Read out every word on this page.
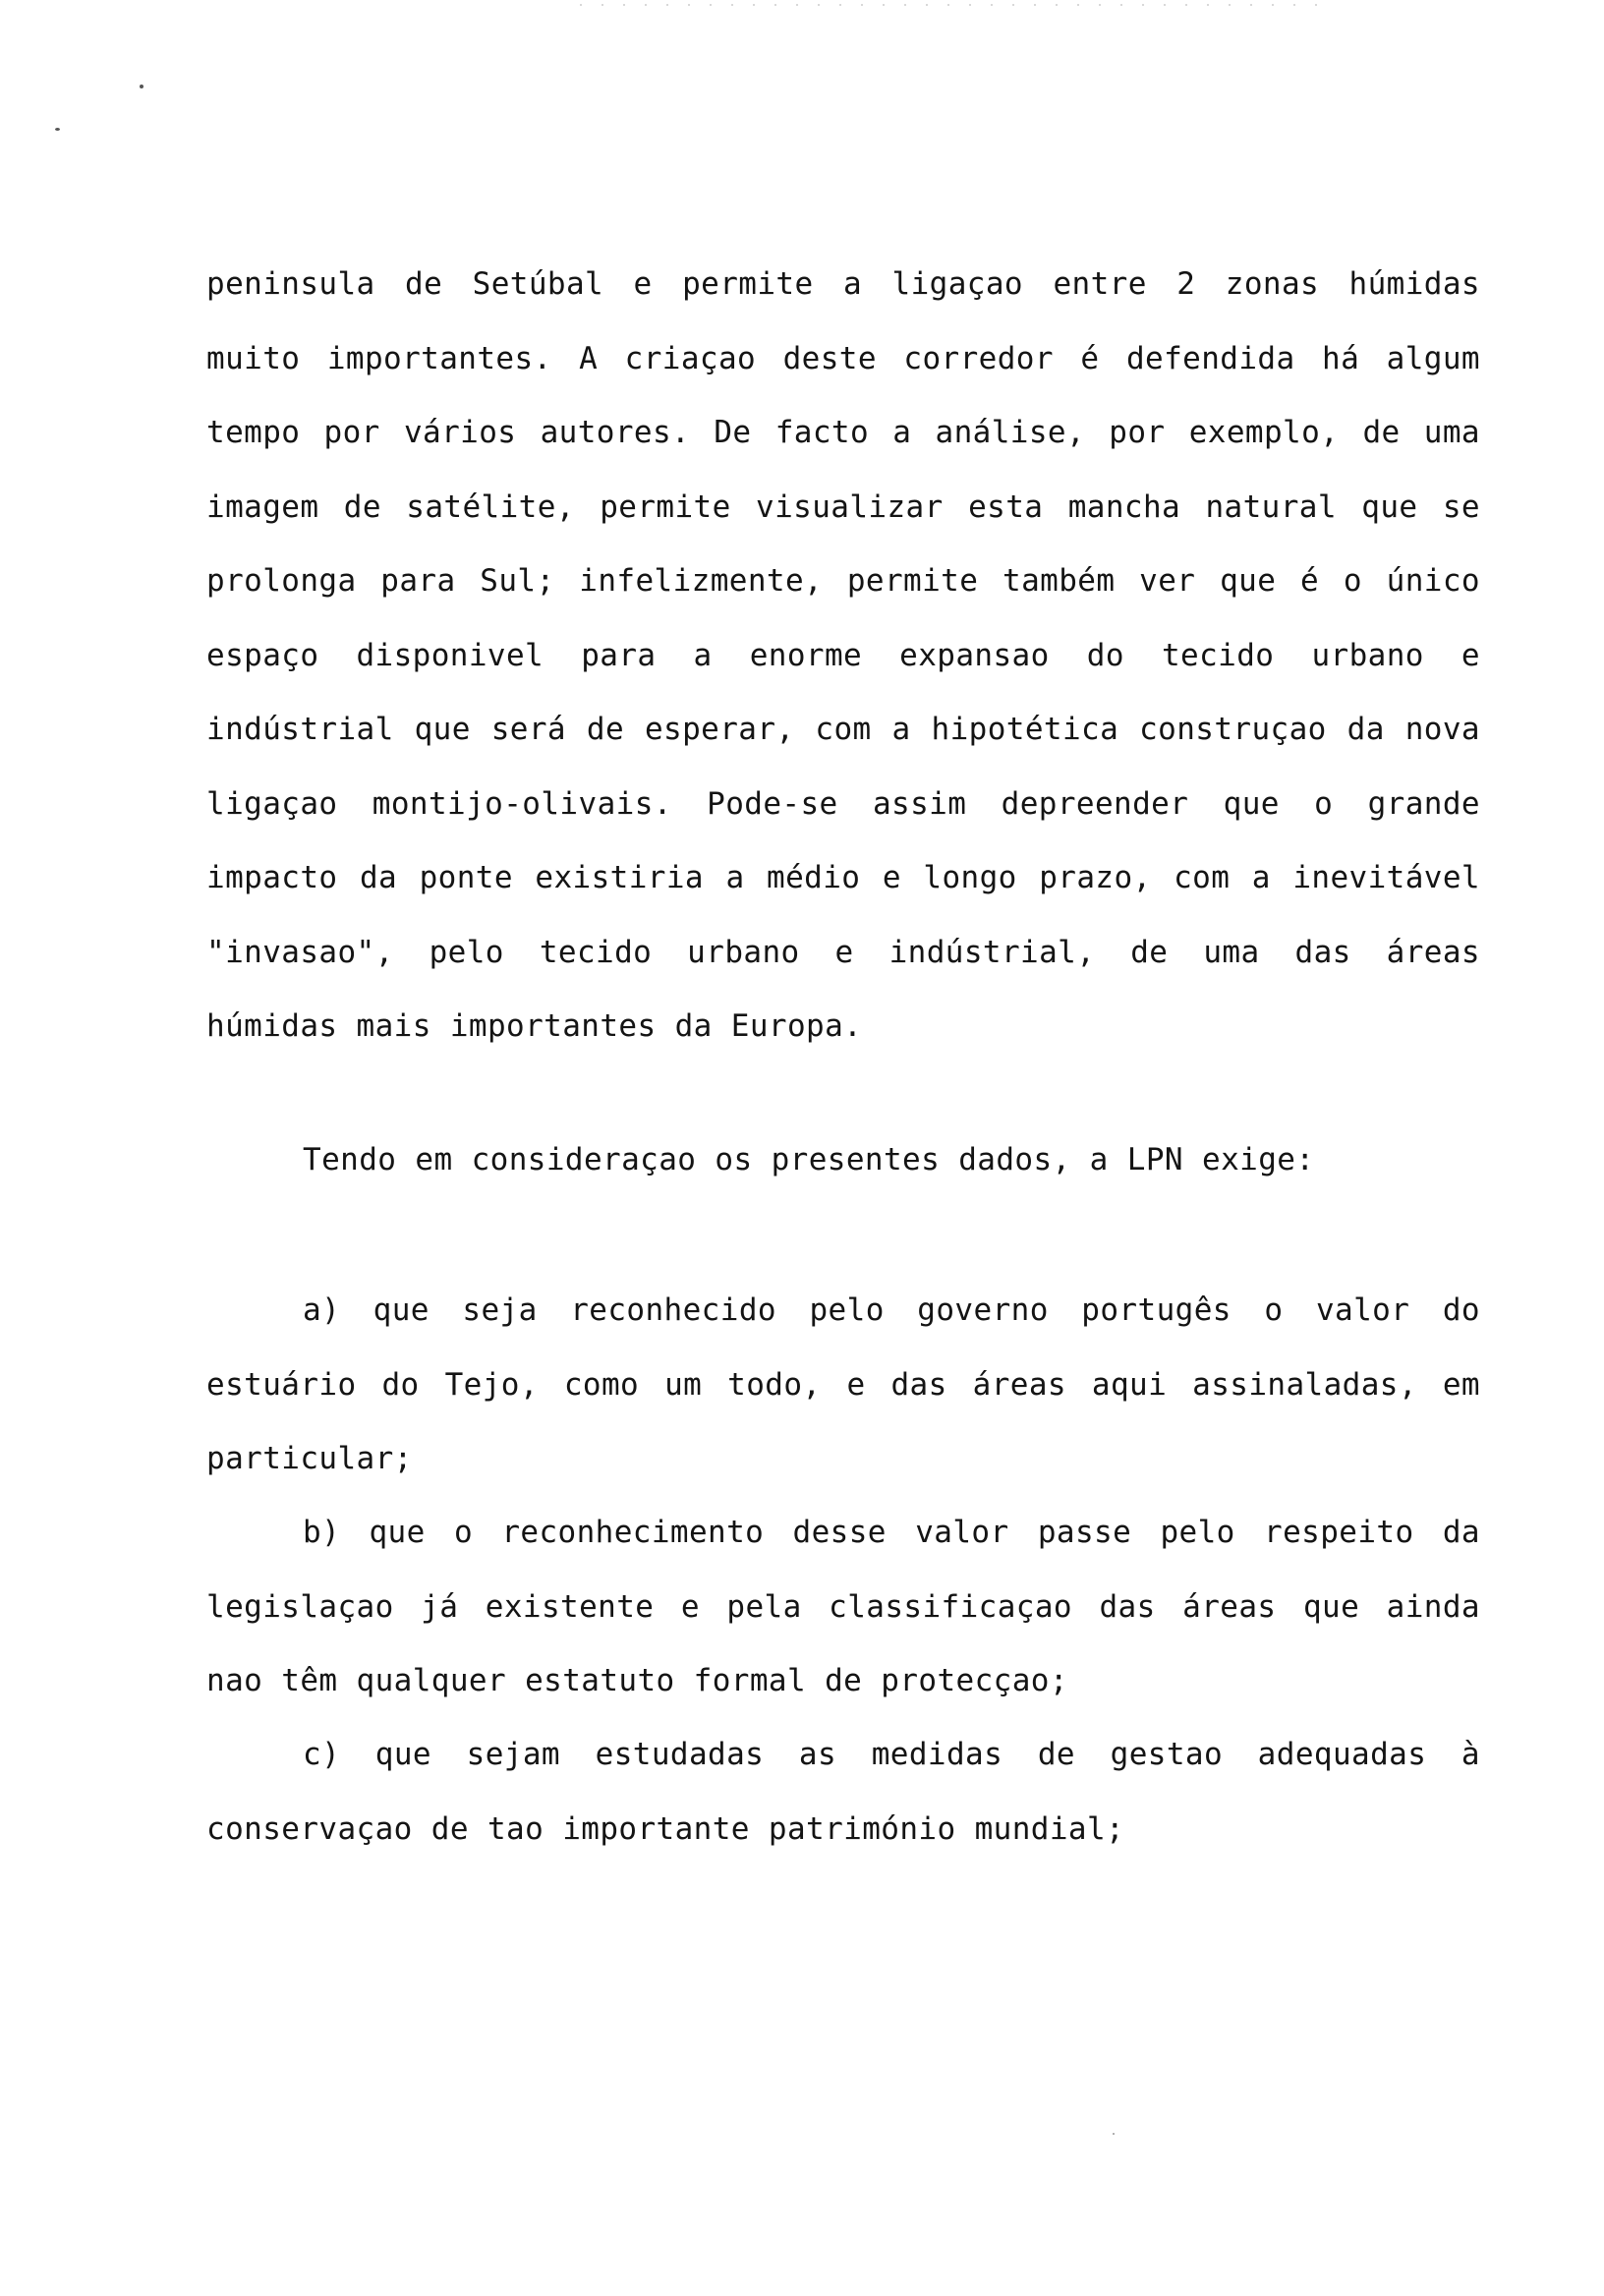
peninsula de Setúbal e permite a ligaçao entre 2 zonas húmidas muito importantes. A criaçao deste corredor é defendida há algum tempo por vários autores. De facto a análise, por exemplo, de uma imagem de satélite, permite visualizar esta mancha natural que se prolonga para Sul; infelizmente, permite também ver que é o único espaço disponivel para a enorme expansao do tecido urbano e indústrial que será de esperar, com a hipotética construçao da nova ligaçao montijo-olivais. Pode-se assim depreender que o grande impacto da ponte existiria a médio e longo prazo, com a inevitável "invasao", pelo tecido urbano e indústrial, de uma das áreas húmidas mais importantes da Europa.
Tendo em consideraçao os presentes dados, a LPN exige:

a) que seja reconhecido pelo governo portugês o valor do estuário do Tejo, como um todo, e das áreas aqui assinaladas, em particular;

b) que o reconhecimento desse valor passe pelo respeito da legislaçao já existente e pela classificaçao das áreas que ainda nao têm qualquer estatuto formal de protecçao;

c) que sejam estudadas as medidas de gestao adequadas à conservaçao de tao importante património mundial;
